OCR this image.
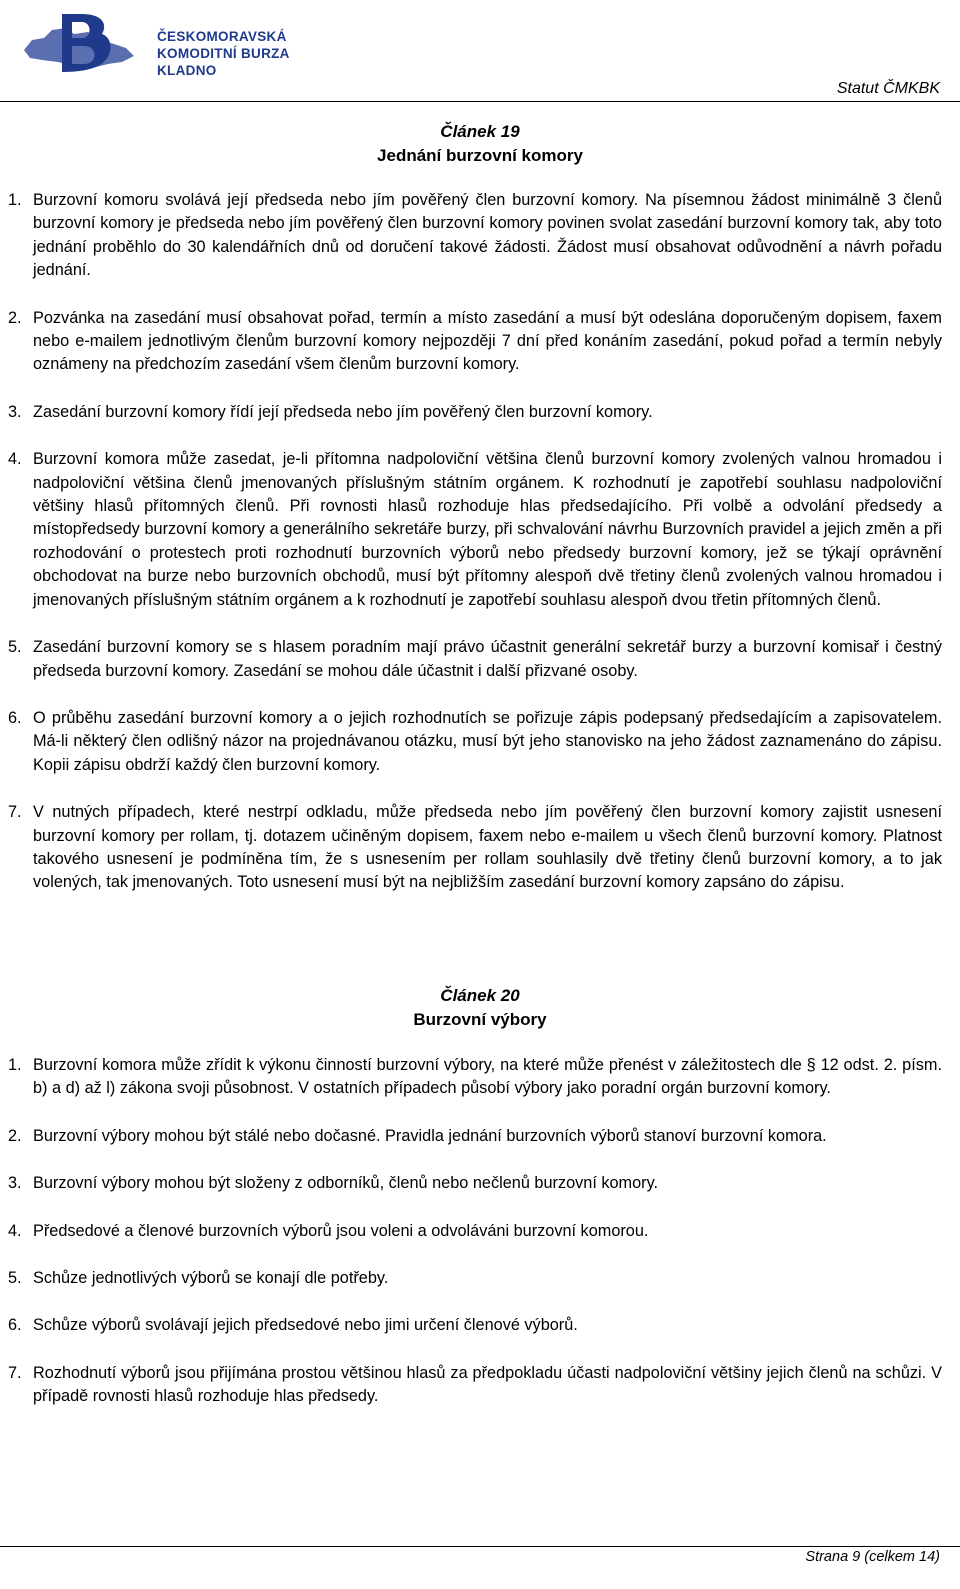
ČESKOMORAVSKÁ
KOMODITNÍ BURZA KLADNO
Statut ČMKBK
Článek 19
Jednání burzovní komory
1. Burzovní komoru svolává její předseda nebo jím pověřený člen burzovní komory. Na písemnou žádost minimálně 3 členů burzovní komory je předseda nebo jím pověřený člen burzovní komory povinen svolat zasedání burzovní komory tak, aby toto jednání proběhlo do 30 kalendářních dnů od doručení takové žádosti. Žádost musí obsahovat odůvodnění a návrh pořadu jednání.
2. Pozvánka na zasedání musí obsahovat pořad, termín a místo zasedání a musí být odeslána doporučeným dopisem, faxem nebo e-mailem jednotlivým členům burzovní komory nejpozději 7 dní před konáním zasedání, pokud pořad a termín nebyly oznámeny na předchozím zasedání všem členům burzovní komory.
3. Zasedání burzovní komory řídí její předseda nebo jím pověřený člen burzovní komory.
4. Burzovní komora může zasedat, je-li přítomna nadpoloviční většina členů burzovní komory zvolených valnou hromadou i nadpoloviční většina členů jmenovaných příslušným státním orgánem. K rozhodnutí je zapotřebí souhlasu nadpoloviční většiny hlasů přítomných členů. Při rovnosti hlasů rozhoduje hlas předsedajícího. Při volbě a odvolání předsedy a místopředsedy burzovní komory a generálního sekretáře burzy, při schvalování návrhu Burzovních pravidel a jejich změn a při rozhodování o protestech proti rozhodnutí burzovních výborů nebo předsedy burzovní komory, jež se týkají oprávnění obchodovat na burze nebo burzovních obchodů, musí být přítomny alespoň dvě třetiny členů zvolených valnou hromadou i jmenovaných příslušným státním orgánem a k rozhodnutí je zapotřebí souhlasu alespoň dvou třetin přítomných členů.
5. Zasedání burzovní komory se s hlasem poradním mají právo účastnit generální sekretář burzy a burzovní komisař i čestný předseda burzovní komory. Zasedání se mohou dále účastnit i další přizvané osoby.
6. O průběhu zasedání burzovní komory a o jejich rozhodnutích se pořizuje zápis podepsaný předsedajícím a zapisovatelem. Má-li některý člen odlišný názor na projednávanou otázku, musí být jeho stanovisko na jeho žádost zaznamenáno do zápisu. Kopii zápisu obdrží každý člen burzovní komory.
7. V nutných případech, které nestrpí odkladu, může předseda nebo jím pověřený člen burzovní komory zajistit usnesení burzovní komory per rollam, tj. dotazem učiněným dopisem, faxem nebo e-mailem u všech členů burzovní komory. Platnost takového usnesení je podmíněna tím, že s usnesením per rollam souhlasily dvě třetiny členů burzovní komory, a to jak volených, tak jmenovaných. Toto usnesení musí být na nejbližším zasedání burzovní komory zapsáno do zápisu.
Článek 20
Burzovní výbory
1. Burzovní komora může zřídit k výkonu činností burzovní výbory, na které může přenést v záležitostech dle § 12 odst. 2. písm. b) a d) až l) zákona svoji působnost. V ostatních případech působí výbory jako poradní orgán burzovní komory.
2. Burzovní výbory mohou být stálé nebo dočasné. Pravidla jednání burzovních výborů stanoví burzovní komora.
3. Burzovní výbory mohou být složeny z odborníků, členů nebo nečlenů burzovní komory.
4. Předsedové a členové burzovních výborů jsou voleni a odvoláváni burzovní komorou.
5. Schůze jednotlivých výborů se konají dle potřeby.
6. Schůze výborů svolávají jejich předsedové nebo jimi určení členové výborů.
7. Rozhodnutí výborů jsou přijímána prostou většinou hlasů za předpokladu účasti nadpoloviční většiny jejich členů na schůzi. V případě rovnosti hlasů rozhoduje hlas předsedy.
Strana 9 (celkem 14)
